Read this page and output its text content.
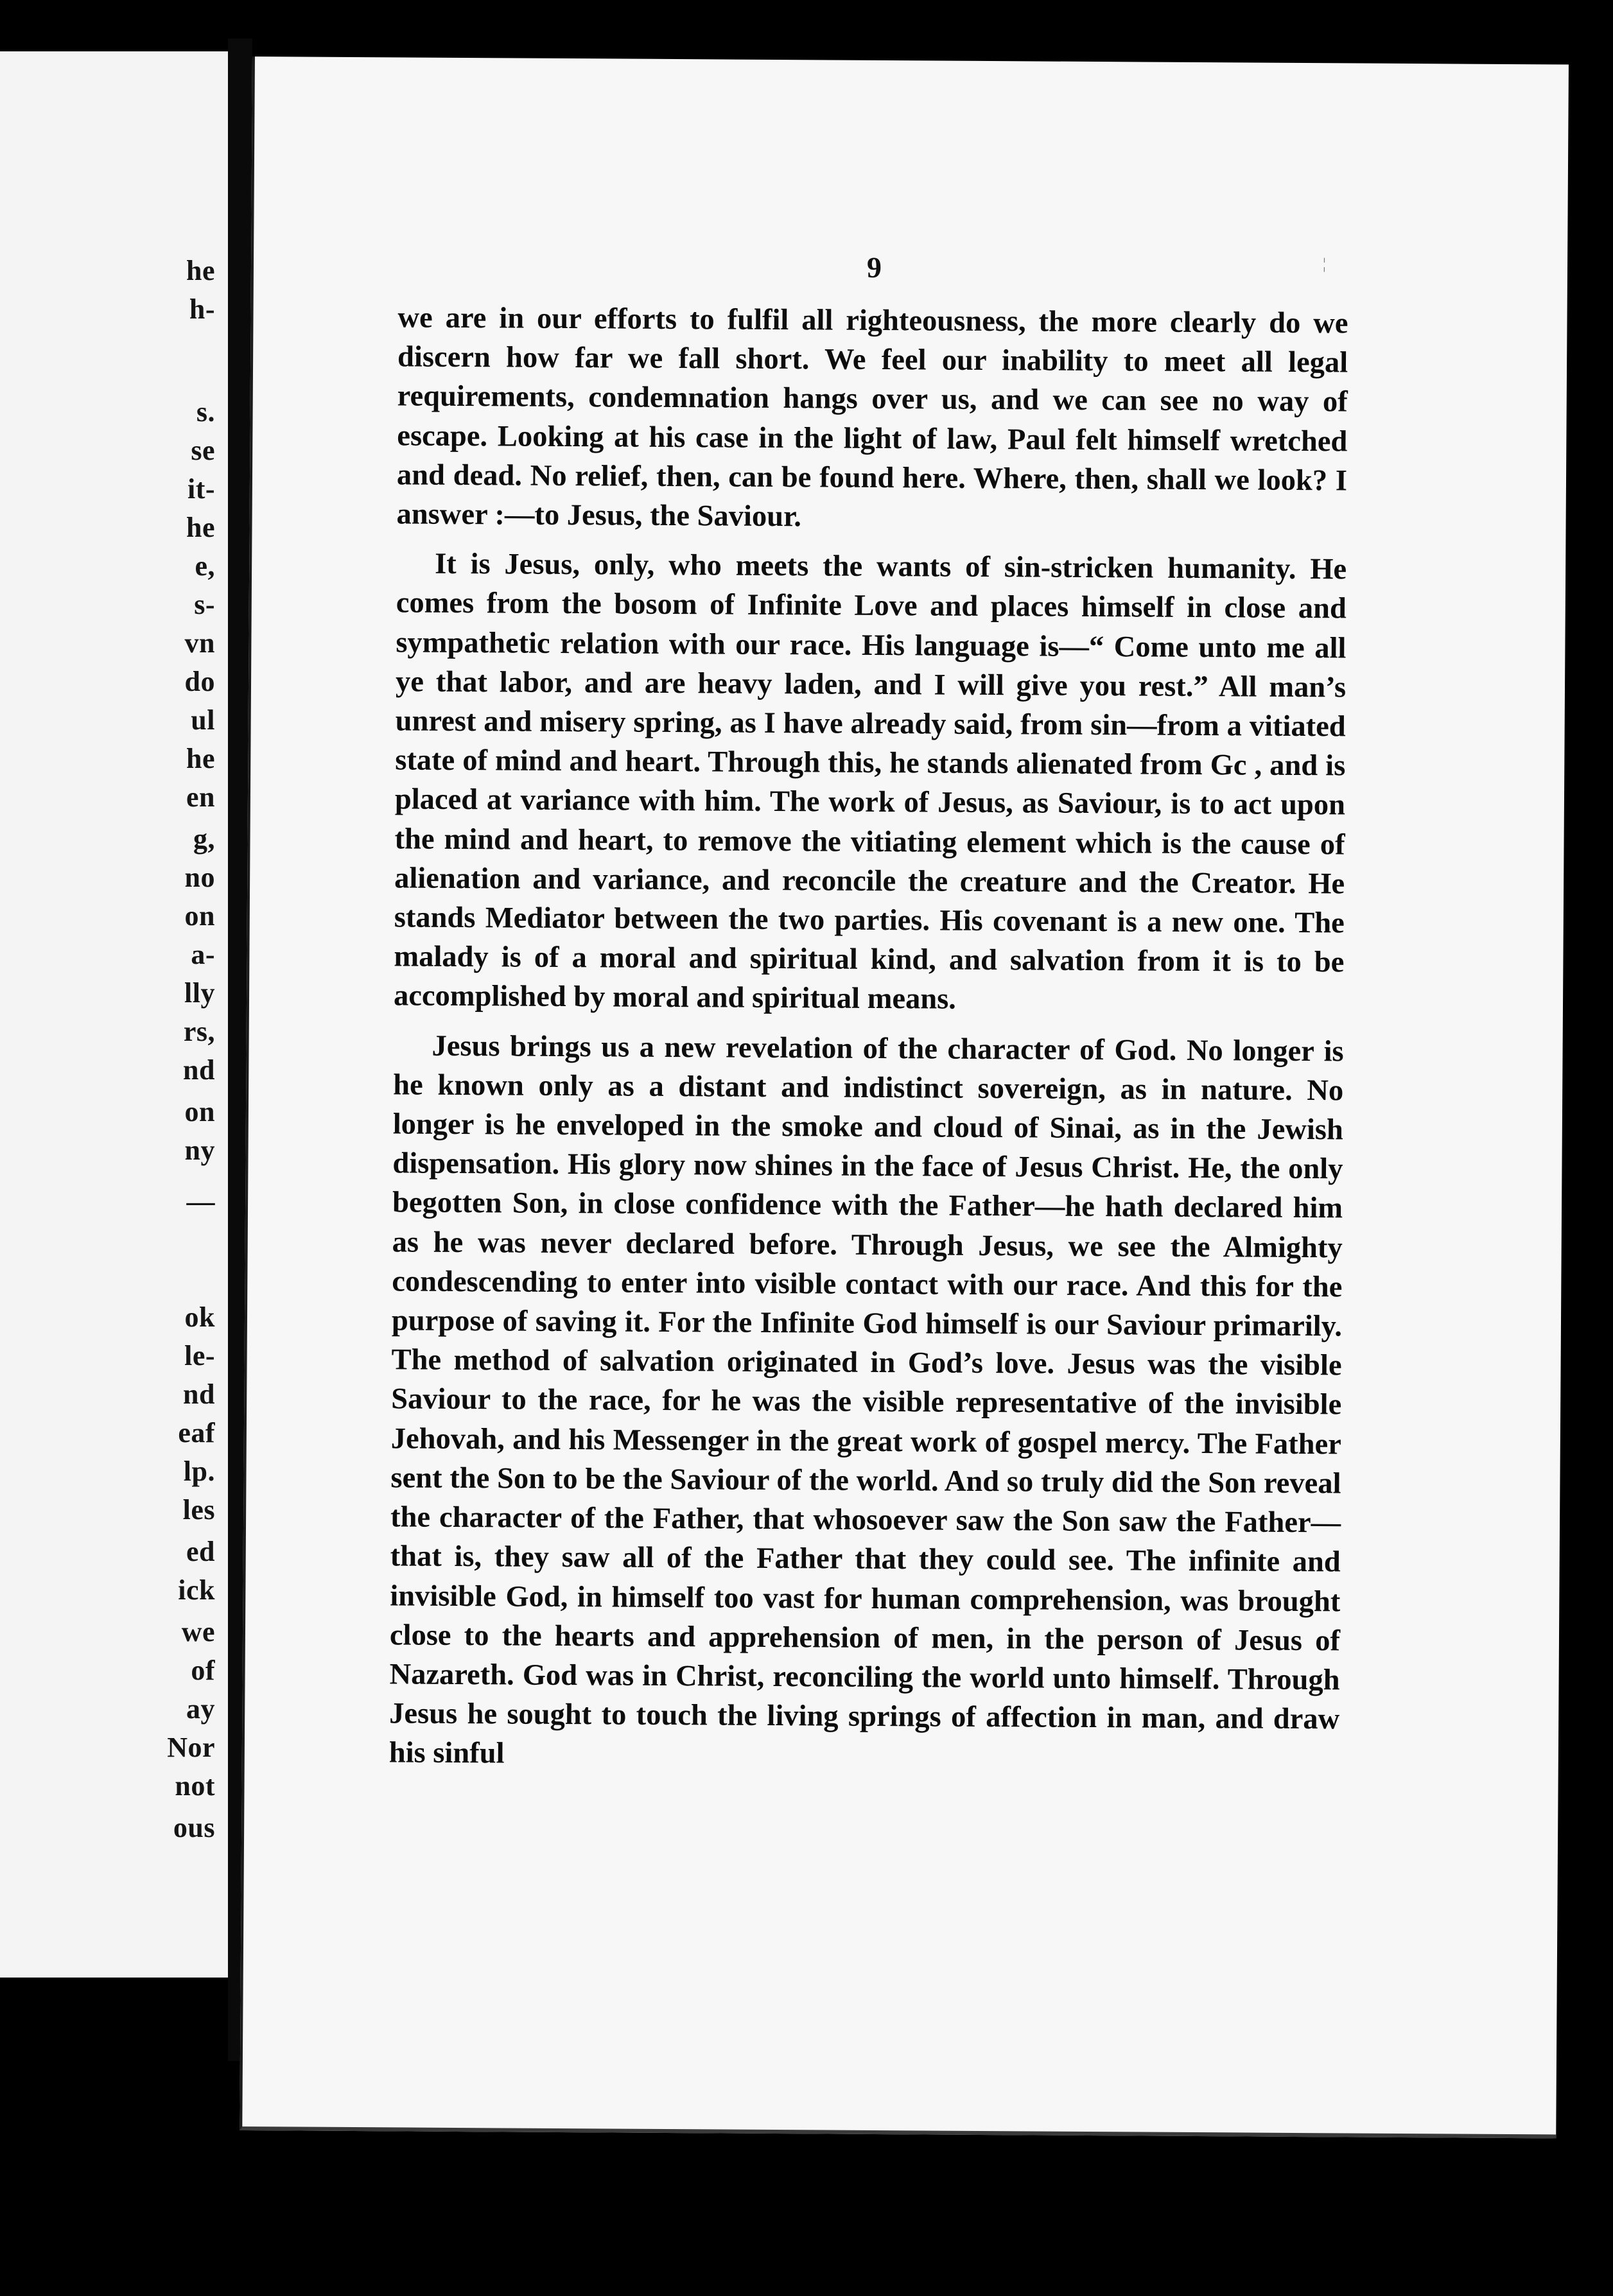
he
h-
s.
se
it-
he
e,
s-
vn
do
ul
he
en
g,
no
on
a-
lly
rs,
nd
on
ny
—
ok
le-
nd
eaf
lp.
les
ed
ick
we
of
ay
Nor
not
ous
9	¦

we are in our efforts to fulfil all righteousness, the more clearly do we discern how far we fall short. We feel our inability to meet all legal requirements, condemnation hangs over us, and we can see no way of escape. Looking at his case in the light of law, Paul felt himself wretched and dead. No relief, then, can be found here. Where, then, shall we look? I answer :—to Jesus, the Saviour.

It is Jesus, only, who meets the wants of sin-stricken humanity. He comes from the bosom of Infinite Love and places himself in close and sympathetic relation with our race. His language is—“ Come unto me all ye that labor, and are heavy laden, and I will give you rest.” All man’s unrest and misery spring, as I have already said, from sin—from a vitiated state of mind and heart. Through this, he stands alienated from Gc , and is placed at variance with him. The work of Jesus, as Saviour, is to act upon the mind and heart, to remove the vitiating element which is the cause of alienation and variance, and reconcile the creature and the Creator. He stands Mediator between the two parties. His covenant is a new one. The malady is of a moral and spiritual kind, and salvation from it is to be accomplished by moral and spiritual means.

Jesus brings us a new revelation of the character of God. No longer is he known only as a distant and indistinct sovereign, as in nature. No longer is he enveloped in the smoke and cloud of Sinai, as in the Jewish dispensation. His glory now shines in the face of Jesus Christ. He, the only begotten Son, in close confidence with the Father—he hath declared him as he was never declared before. Through Jesus, we see the Almighty condescending to enter into visible contact with our race. And this for the purpose of saving it. For the Infinite God himself is our Saviour primarily. The method of salvation originated in God’s love. Jesus was the visible Saviour to the race, for he was the visible representative of the invisible Jehovah, and his Messenger in the great work of gospel mercy. The Father sent the Son to be the Saviour of the world. And so truly did the Son reveal the character of the Father, that whosoever saw the Son saw the Father—that is, they saw all of the Father that they could see. The infinite and invisible God, in himself too vast for human comprehension, was brought close to the hearts and apprehension of men, in the person of Jesus of Nazareth. God was in Christ, reconciling the world unto himself. Through Jesus he sought to touch the living springs of affection in man, and draw his sinful
